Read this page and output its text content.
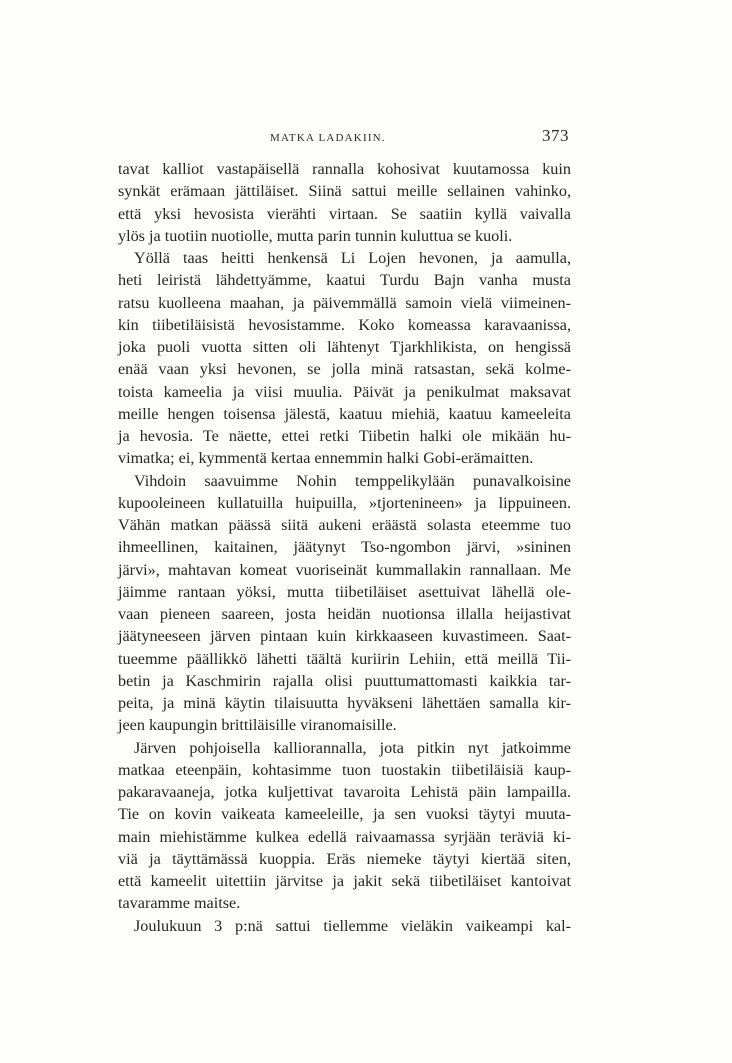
MATKA LADAKIIN.	373
tavat kalliot vastapäisellä rannalla kohosivat kuutamossa kuin
synkät erämaan jättiläiset. Siinä sattui meille sellainen vahinko,
että yksi hevosista vierähti virtaan. Se saatiin kyllä vaivalla
ylös ja tuotiin nuotiolle, mutta parin tunnin kuluttua se kuoli.
Yöllä taas heitti henkensä Li Lojen hevonen, ja aamulla,
heti leiristä lähdettyämme, kaatui Turdu Bajn vanha musta
ratsu kuolleena maahan, ja päivemmällä samoin vielä viimeinen-
kin tiibetiläisistä hevosistamme. Koko komeassa karavaanissa,
joka puoli vuotta sitten oli lähtenyt Tjarkhlikista, on hengissä
enää vaan yksi hevonen, se jolla minä ratsastan, sekä kolme-
toista kameelia ja viisi muulia. Päivät ja penikulmat maksavat
meille hengen toisensa jälestä, kaatuu miehiä, kaatuu kameeleita
ja hevosia. Te näette, ettei retki Tiibetin halki ole mikään hu-
vimatka; ei, kymmentä kertaa ennemmin halki Gobi-erämaitten.
Vihdoin saavuimme Nohin temppelikylään punavalkoisine
kupooleineen kullatuilla huipuilla, »tjortenineen» ja lippuineen.
Vähän matkan päässä siitä aukeni eräästä solasta eteemme tuo
ihmeellinen, kaitainen, jäätynyt Tso-ngombon järvi, »sininen
järvi», mahtavan komeat vuoriseinät kummallakin rannallaan. Me
jäimme rantaan yöksi, mutta tiibetiläiset asettuivat lähellä ole-
vaan pieneen saareen, josta heidän nuotionsa illalla heijastivat
jäätyneeseen järven pintaan kuin kirkkaaseen kuvastimeen. Saat-
tueemme päällikkö lähetti täältä kuriirin Lehiin, että meillä Tii-
betin ja Kaschmirin rajalla olisi puuttumattomasti kaikkia tar-
peita, ja minä käytin tilaisuutta hyväkseni lähettäen samalla kir-
jeen kaupungin brittiläisille viranomaisille.
Järven pohjoisella kalliorannalla, jota pitkin nyt jatkoimme
matkaa eteenpäin, kohtasimme tuon tuostakin tiibetiläisiä kaup-
pakaravaaneja, jotka kuljettivat tavaroita Lehistä päin lampailla.
Tie on kovin vaikeata kameeleille, ja sen vuoksi täytyi muuta-
main miehistämme kulkea edellä raivaamassa syrjään teräviä ki-
viä ja täyttämässä kuoppia. Eräs niemeke täytyi kiertää siten,
että kameelit uitettiin järvitse ja jakit sekä tiibetiläiset kantoivat
tavaramme maitse.
Joulukuun 3 p:nä sattui tiellemme vieläkin vaikeampi kal-
